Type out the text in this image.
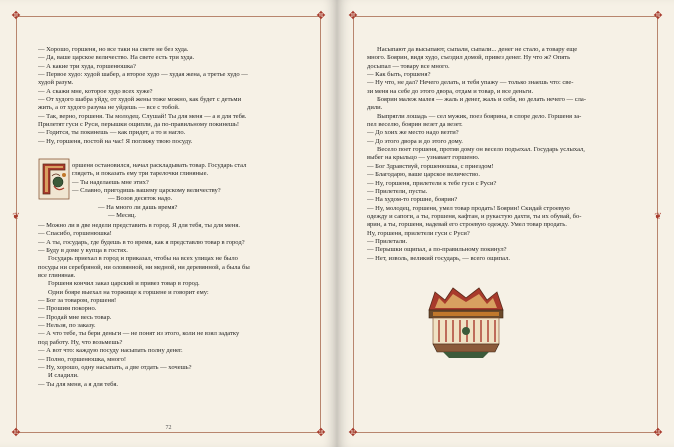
✥	✥
✥	✥
❦
— Хорошо, горшеня, но все таки на свете не без худа.
— Да, ваше царское величество. На свете есть три худа.
— А какие три худа, горшенюшка?
— Первое худо: худой шабер, а второе худо — худая жена, а третье худо —
худой разум.
— А скажи мне, которое худо всех хуже?
— От худого шабра уйду, от худой жены тоже можно, как будет с детьми
жить, а от худого разума не уйдешь — все с тобой.
— Так, верно, горшеня. Ты молодец. Слушай! Ты для меня — а я для тебя.
Прилетят гуси с Руси, перышки ощипли, да по-правильному покинешь!
— Годится, ты покинешь — как придет, а то и нагло.
— Ну, горшеня, постой на час! Я погляжу твою посуду.
оршеня остановился, начал раскладывать товар. Государь стал
глядеть, и показать ему три тарелочки глиняные.
— Ты наделаешь мне этих?
— Славно, пригодишь вашему царскому величеству?
— Возов десяток надо.
— На много ли дашь время?
— Месяц.
— Можно ли в две недели представить в город. Я для тебя, ты для меня.
— Спасибо, горшенюшка!
— А ты, государь, где будешь в то время, как я представлю товар в город?
— Буду в доме у купца в гостях.
Государь приехал в город и приказал, чтобы на всех улицах не было
посуды ни серебряной, ни оловянной, ни медной, ни деревянной, а была бы
все глиняная.
Горшеня кончил заказ царский и привез товар в город.
Одни бояре выехал на торжище к горшене и говорит ему:
— Бог за товаром, горшеня!
— Прошим покорно.
— Продай мне весь товар.
— Нельзя, по заказу.
— А что тебе, ты бери деньги — не понят из этого, коли не взял задатку
под работу. Ну, что возьмешь?
— А вот что: каждую посуду насыпать полну денег.
— Полно, горшенюшка, много!
— Ну, хорошо, одну насыпать, а две отдать — хочешь?
И сладили.
— Ты для меня, а я для тебя.
72
✥	✥
✥	✥
❦
Насыпают да высыпают, сыпали, сыпали... денег не стало, а товару еще
много. Боярин, видя худо, съездил домой, привез денег. Ну что ж? Опять
досыпал — товару все много.
— Как быть, горшеня?
— Ну что, не дал? Нечего делать, и тебя упажу — только знаешь что: све-
зи меня на себе до этого двора, отдам и товар, и все деньги.
Боярин малеж малея — жаль и денег, жаль и себя, но делать нечего — сла-
дили.
Выпрягли лошадь — сел мужик, поез боярина, в споре дело. Горшеня за-
пел веселю, боярин везет да везет.
— До хоих же место надо везти?
— До этого двора и до этого дому.
Весело поет горшеня, против дому он весело подъехал. Государь услыхал,
выбег на крыльцо — узнавает горшеню.
— Бог Здравствуй, горшенюшка, с приездом!
— Благодарю, ваше царское величество.
— Ну, горшеня, прилетели к тебе гуси с Руси?
— Прилетели, пусты.
— На худом-то горшне, боярин?
— Ну, молодец, горшеня, умел товар продать! Боярин! Скидай строевую
одежду и сапоги, а ты, горшеня, кафтан, и рукастую дахти, ты их обувай, бо-
ярин, а ты, горшеня, надевай его строевую одежду. Умел товар продать.
Ну, горшеня, прилетели гуси с Руси?
— Прилетали.
— Перышки ощипал, а по-правильному покинул?
— Нет, изволь, великий государь, — всего ощипал.
